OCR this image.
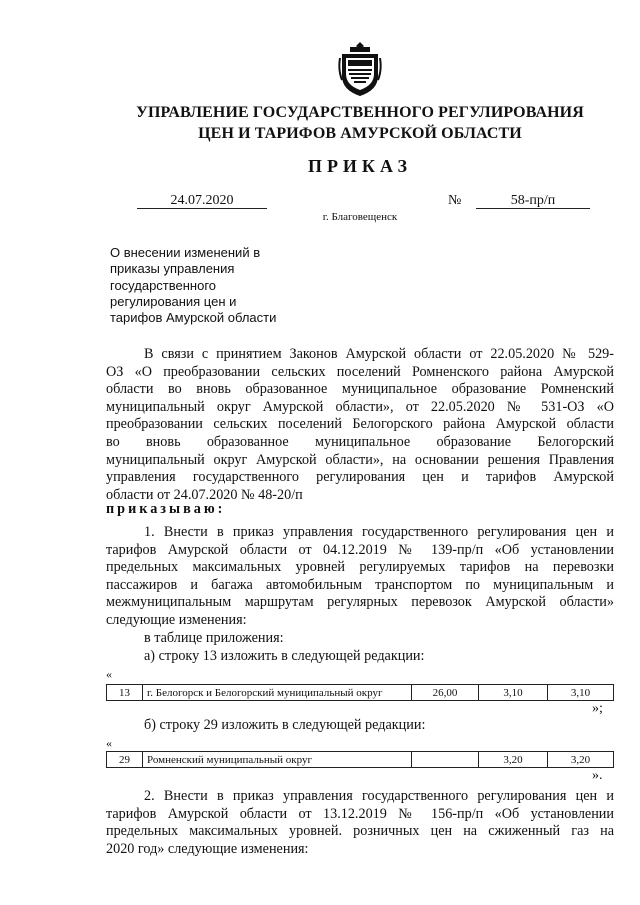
УПРАВЛЕНИЕ ГОСУДАРСТВЕННОГО РЕГУЛИРОВАНИЯ
ЦЕН И ТАРИФОВ АМУРСКОЙ ОБЛАСТИ
ПРИКАЗ
24.07.2020	№	58-пр/п
г. Благовещенск
О внесении изменений в
приказы управления
государственного
регулирования цен и
тарифов Амурской области
В связи с принятием Законов Амурской области от 22.05.2020 № 529-
ОЗ «О преобразовании сельских поселений Ромненского района Амурской
области во вновь образованное муниципальное образование Ромненский
муниципальный округ Амурской области», от 22.05.2020 № 531-ОЗ «О
преобразовании сельских поселений Белогорского района Амурской области
во вновь образованное муниципальное образование Белогорский
муниципальный округ Амурской области», на основании решения Правления
управления государственного регулирования цен и тарифов Амурской
области от 24.07.2020 № 48-20/п
приказываю:
1. Внести в приказ управления государственного регулирования цен и
тарифов Амурской области от 04.12.2019 № 139-пр/п «Об установлении
предельных максимальных уровней регулируемых тарифов на перевозки
пассажиров и багажа автомобильным транспортом по муниципальным и
межмуниципальным маршрутам регулярных перевозок Амурской области»
следующие изменения:
в таблице приложения:
а) строку 13 изложить в следующей редакции:
«
13	г. Белогорск и Белогорский муниципальный округ	26,00	3,10	3,10
»;
б) строку 29 изложить в следующей редакции:
«
29	Ромненский муниципальный округ		3,20	3,20
».
2. Внести в приказ управления государственного регулирования цен и
тарифов Амурской области от 13.12.2019 № 156-пр/п «Об установлении
предельных максимальных уровней. розничных цен на сжиженный газ на
2020 год» следующие изменения:
